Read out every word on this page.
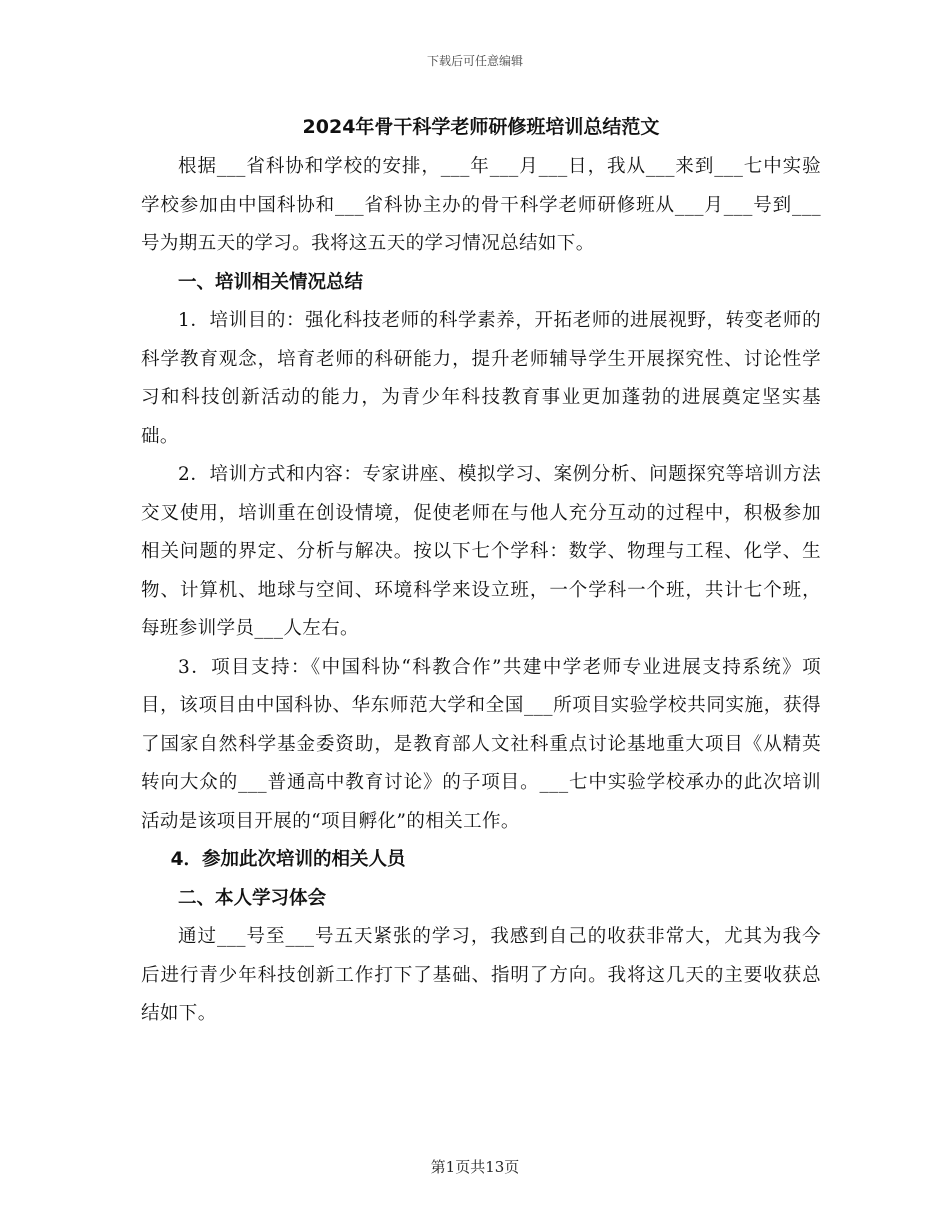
下载后可任意编辑
2024年骨干科学老师研修班培训总结范文

根据___省科协和学校的安排，___年___月___日，我从___来到___七中实验学校参加由中国科协和___省科协主办的骨干科学老师研修班从___月___号到___号为期五天的学习。我将这五天的学习情况总结如下。

一、培训相关情况总结

1．培训目的：强化科技老师的科学素养，开拓老师的进展视野，转变老师的科学教育观念，培育老师的科研能力，提升老师辅导学生开展探究性、讨论性学习和科技创新活动的能力，为青少年科技教育事业更加蓬勃的进展奠定坚实基础。

2．培训方式和内容：专家讲座、模拟学习、案例分析、问题探究等培训方法交叉使用，培训重在创设情境，促使老师在与他人充分互动的过程中，积极参加相关问题的界定、分析与解决。按以下七个学科：数学、物理与工程、化学、生物、计算机、地球与空间、环境科学来设立班，一个学科一个班，共计七个班，每班参训学员___人左右。

3．项目支持：《中国科协“科教合作”共建中学老师专业进展支持系统》项目，该项目由中国科协、华东师范大学和全国___所项目实验学校共同实施，获得了国家自然科学基金委资助，是教育部人文社科重点讨论基地重大项目《从精英转向大众的___普通高中教育讨论》的子项目。___七中实验学校承办的此次培训活动是该项目开展的“项目孵化”的相关工作。

4．参加此次培训的相关人员

二、本人学习体会

通过___号至___号五天紧张的学习，我感到自己的收获非常大，尤其为我今后进行青少年科技创新工作打下了基础、指明了方向。我将这几天的主要收获总结如下。

第1页共13页
